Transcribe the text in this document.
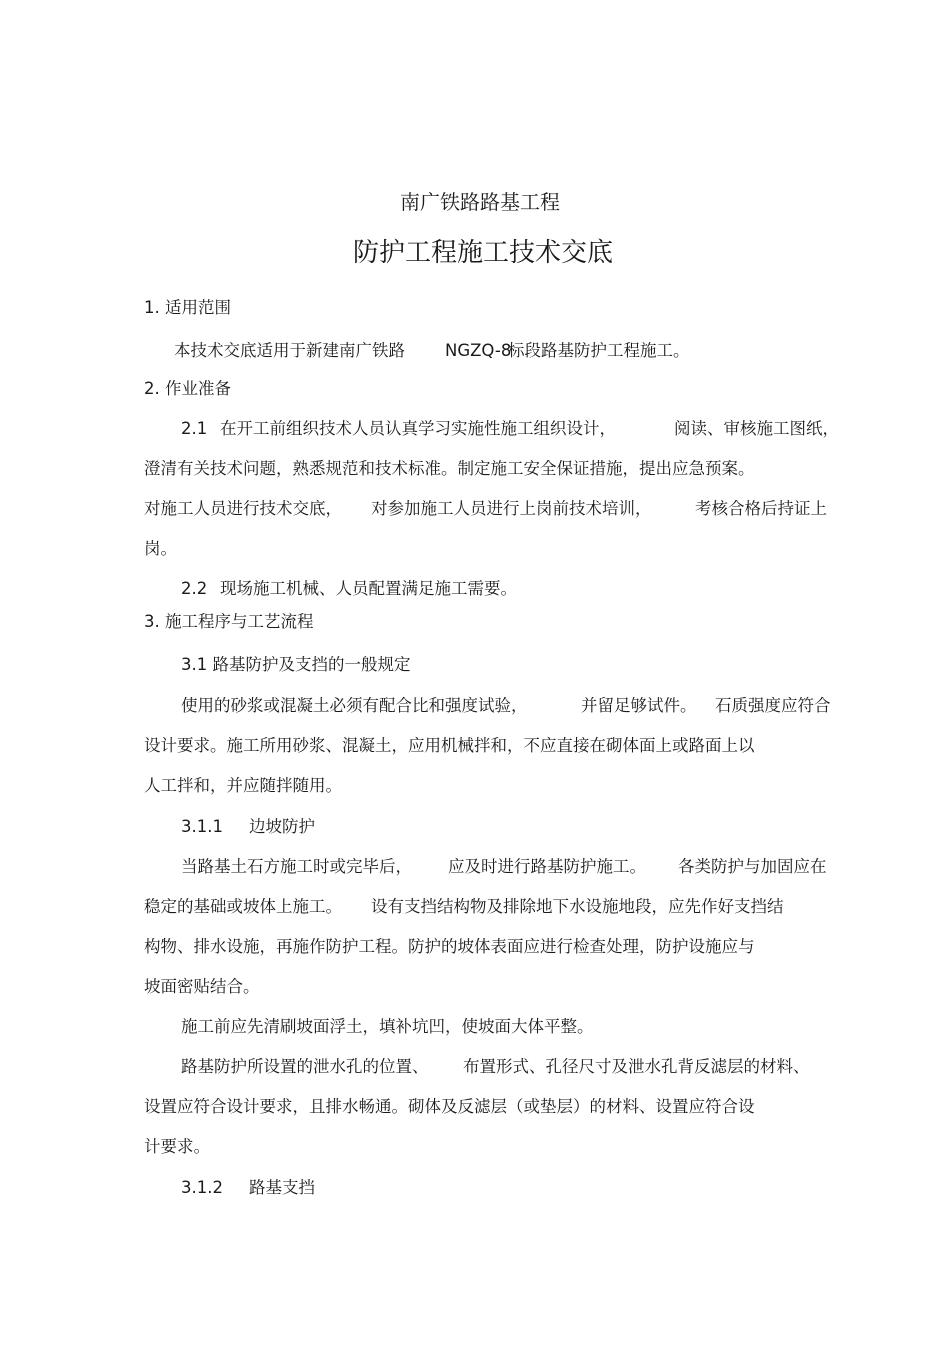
南广铁路路基工程
防护工程施工技术交底
1. 适用范围
本技术交底适用于新建南广铁路 NGZQ-8
标段路基防护工程施工。
2. 作业准备
2.1 在开工前组织技术人员认真学习实施性施工组织设计，	阅读、审核施工图纸，
澄清有关技术问题，熟悉规范和技术标准。制定施工安全保证措施，提出应急预案。
对施工人员进行技术交底， 对参加施工人员进行上岗前技术培训，	考核合格后持证上
岗。
2.2 现场施工机械、人员配置满足施工需要。
3. 施工程序与工艺流程
3.1 路基防护及支挡的一般规定
使用的砂浆或混凝土必须有配合比和强度试验，	并留足够试件。 石质强度应符合
设计要求。施工所用砂浆、混凝土，应用机械拌和，不应直接在砌体面上或路面上以
人工拌和，并应随拌随用。
3.1.1 边坡防护
当路基土石方施工时或完毕后， 应及时进行路基防护施工。 各类防护与加固应在
稳定的基础或坡体上施工。 设有支挡结构物及排除地下水设施地段，应先作好支挡结
构物、排水设施，再施作防护工程。防护的坡体表面应进行检查处理，防护设施应与
坡面密贴结合。
施工前应先清刷坡面浮土，填补坑凹，使坡面大体平整。
路基防护所设置的泄水孔的位置、 布置形式、孔径尺寸及泄水孔背反滤层的材料、
设置应符合设计要求，且排水畅通。砌体及反滤层（或垫层）的材料、设置应符合设
计要求。
3.1.2 路基支挡
